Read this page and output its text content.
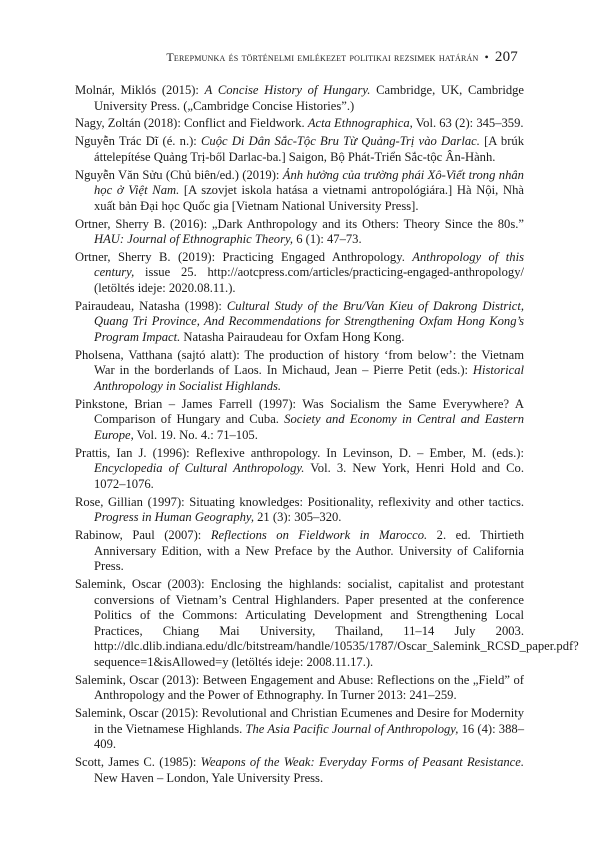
Terepmunka és történelmi emlékezet politikai rezsimek határán • 207

Molnár, Miklós (2015): A Concise History of Hungary. Cambridge, UK, Cambridge University Press. („Cambridge Concise Histories”.)

Nagy, Zoltán (2018): Conflict and Fieldwork. Acta Ethnographica, Vol. 63 (2): 345–359.

Nguyễn Trác Dĩ (é. n.): Cuộc Di Dân Sắc-Tộc Bru Từ Quảng-Trị vào Darlac. [A brúk áttelepítése Quảng Trị-ből Darlac-ba.] Saigon, Bộ Phát-Triển Sắc-tộc Ân-Hành.

Nguyễn Văn Sửu (Chủ biên/ed.) (2019): Ảnh hưởng của trường phái Xô-Viết trong nhân học ở Việt Nam. [A szovjet iskola hatása a vietnami antropológiára.] Hà Nội, Nhà xuất bản Đại học Quốc gia [Vietnam National University Press].

Ortner, Sherry B. (2016): „Dark Anthropology and its Others: Theory Since the 80s.” HAU: Journal of Ethnographic Theory, 6 (1): 47–73.

Ortner, Sherry B. (2019): Practicing Engaged Anthropology. Anthropology of this century, issue 25. http://aotcpress.com/articles/practicing-engaged-anthropology/ (letöltés ideje: 2020.08.11.).

Pairaudeau, Natasha (1998): Cultural Study of the Bru/Van Kieu of Dakrong District, Quang Tri Province, And Recommendations for Strengthening Oxfam Hong Kong’s Program Impact. Natasha Pairaudeau for Oxfam Hong Kong.

Pholsena, Vatthana (sajtó alatt): The production of history ‘from below’: the Vietnam War in the borderlands of Laos. In Michaud, Jean – Pierre Petit (eds.): Historical Anthropology in Socialist Highlands.

Pinkstone, Brian – James Farrell (1997): Was Socialism the Same Everywhere? A Comparison of Hungary and Cuba. Society and Economy in Central and Eastern Europe, Vol. 19. No. 4.: 71–105.

Prattis, Ian J. (1996): Reflexive anthropology. In Levinson, D. – Ember, M. (eds.): Encyclopedia of Cultural Anthropology. Vol. 3. New York, Henri Hold and Co. 1072–1076.

Rose, Gillian (1997): Situating knowledges: Positionality, reflexivity and other tactics. Progress in Human Geography, 21 (3): 305–320.

Rabinow, Paul (2007): Reflections on Fieldwork in Marocco. 2. ed. Thirtieth Anniversary Edition, with a New Preface by the Author. University of California Press.

Salemink, Oscar (2003): Enclosing the highlands: socialist, capitalist and protestant conversions of Vietnam’s Central Highlanders. Paper presented at the conference Politics of the Commons: Articulating Development and Strengthening Local Practices, Chiang Mai University, Thailand, 11–14 July 2003. http://dlc.dlib.indiana.edu/dlc/bitstream/handle/10535/1787/Oscar_Salemink_RCSD_paper.pdf?sequence=1&isAllowed=y (letöltés ideje: 2008.11.17.).

Salemink, Oscar (2013): Between Engagement and Abuse: Reflections on the „Field” of Anthropology and the Power of Ethnography. In Turner 2013: 241–259.

Salemink, Oscar (2015): Revolutional and Christian Ecumenes and Desire for Modernity in the Vietnamese Highlands. The Asia Pacific Journal of Anthropology, 16 (4): 388–409.

Scott, James C. (1985): Weapons of the Weak: Everyday Forms of Peasant Resistance. New Haven – London, Yale University Press.
